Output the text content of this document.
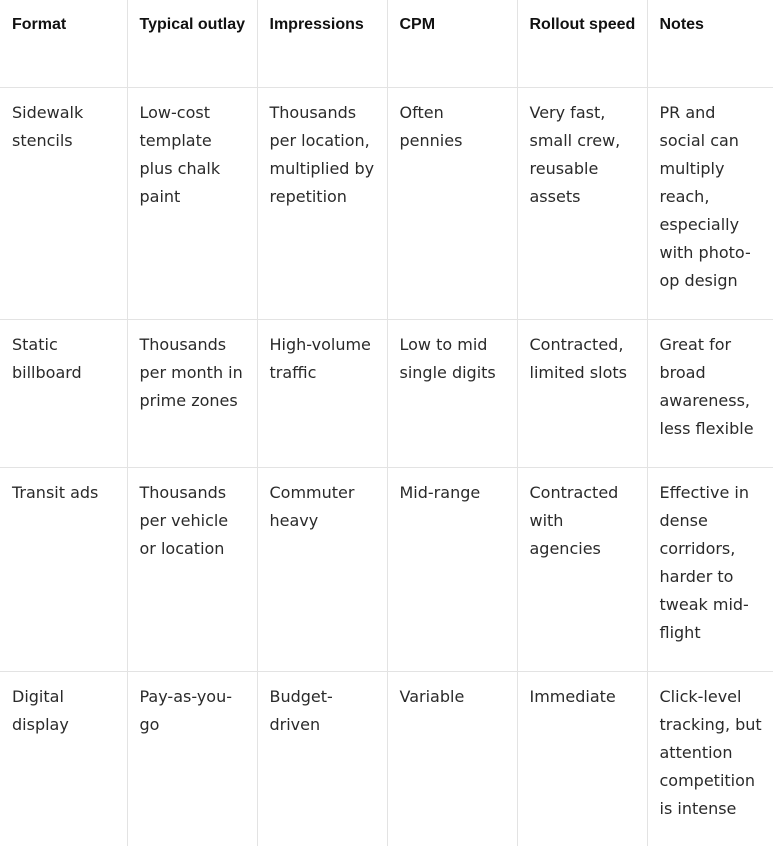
Format	Typical outlay	Impressions	CPM	Rollout speed	Notes
Sidewalk stencils	Low-cost template plus chalk paint	Thousands per location, multiplied by repetition	Often pennies	Very fast, small crew, reusable assets	PR and social can multiply reach, especially with photo-op design
Static billboard	Thousands per month in prime zones	High-volume traffic	Low to mid single digits	Contracted, limited slots	Great for broad awareness, less flexible
Transit ads	Thousands per vehicle or location	Commuter heavy	Mid-range	Contracted with agencies	Effective in dense corridors, harder to tweak mid-flight
Digital display	Pay-as-you-go	Budget-driven	Variable	Immediate	Click-level tracking, but attention competition is intense
